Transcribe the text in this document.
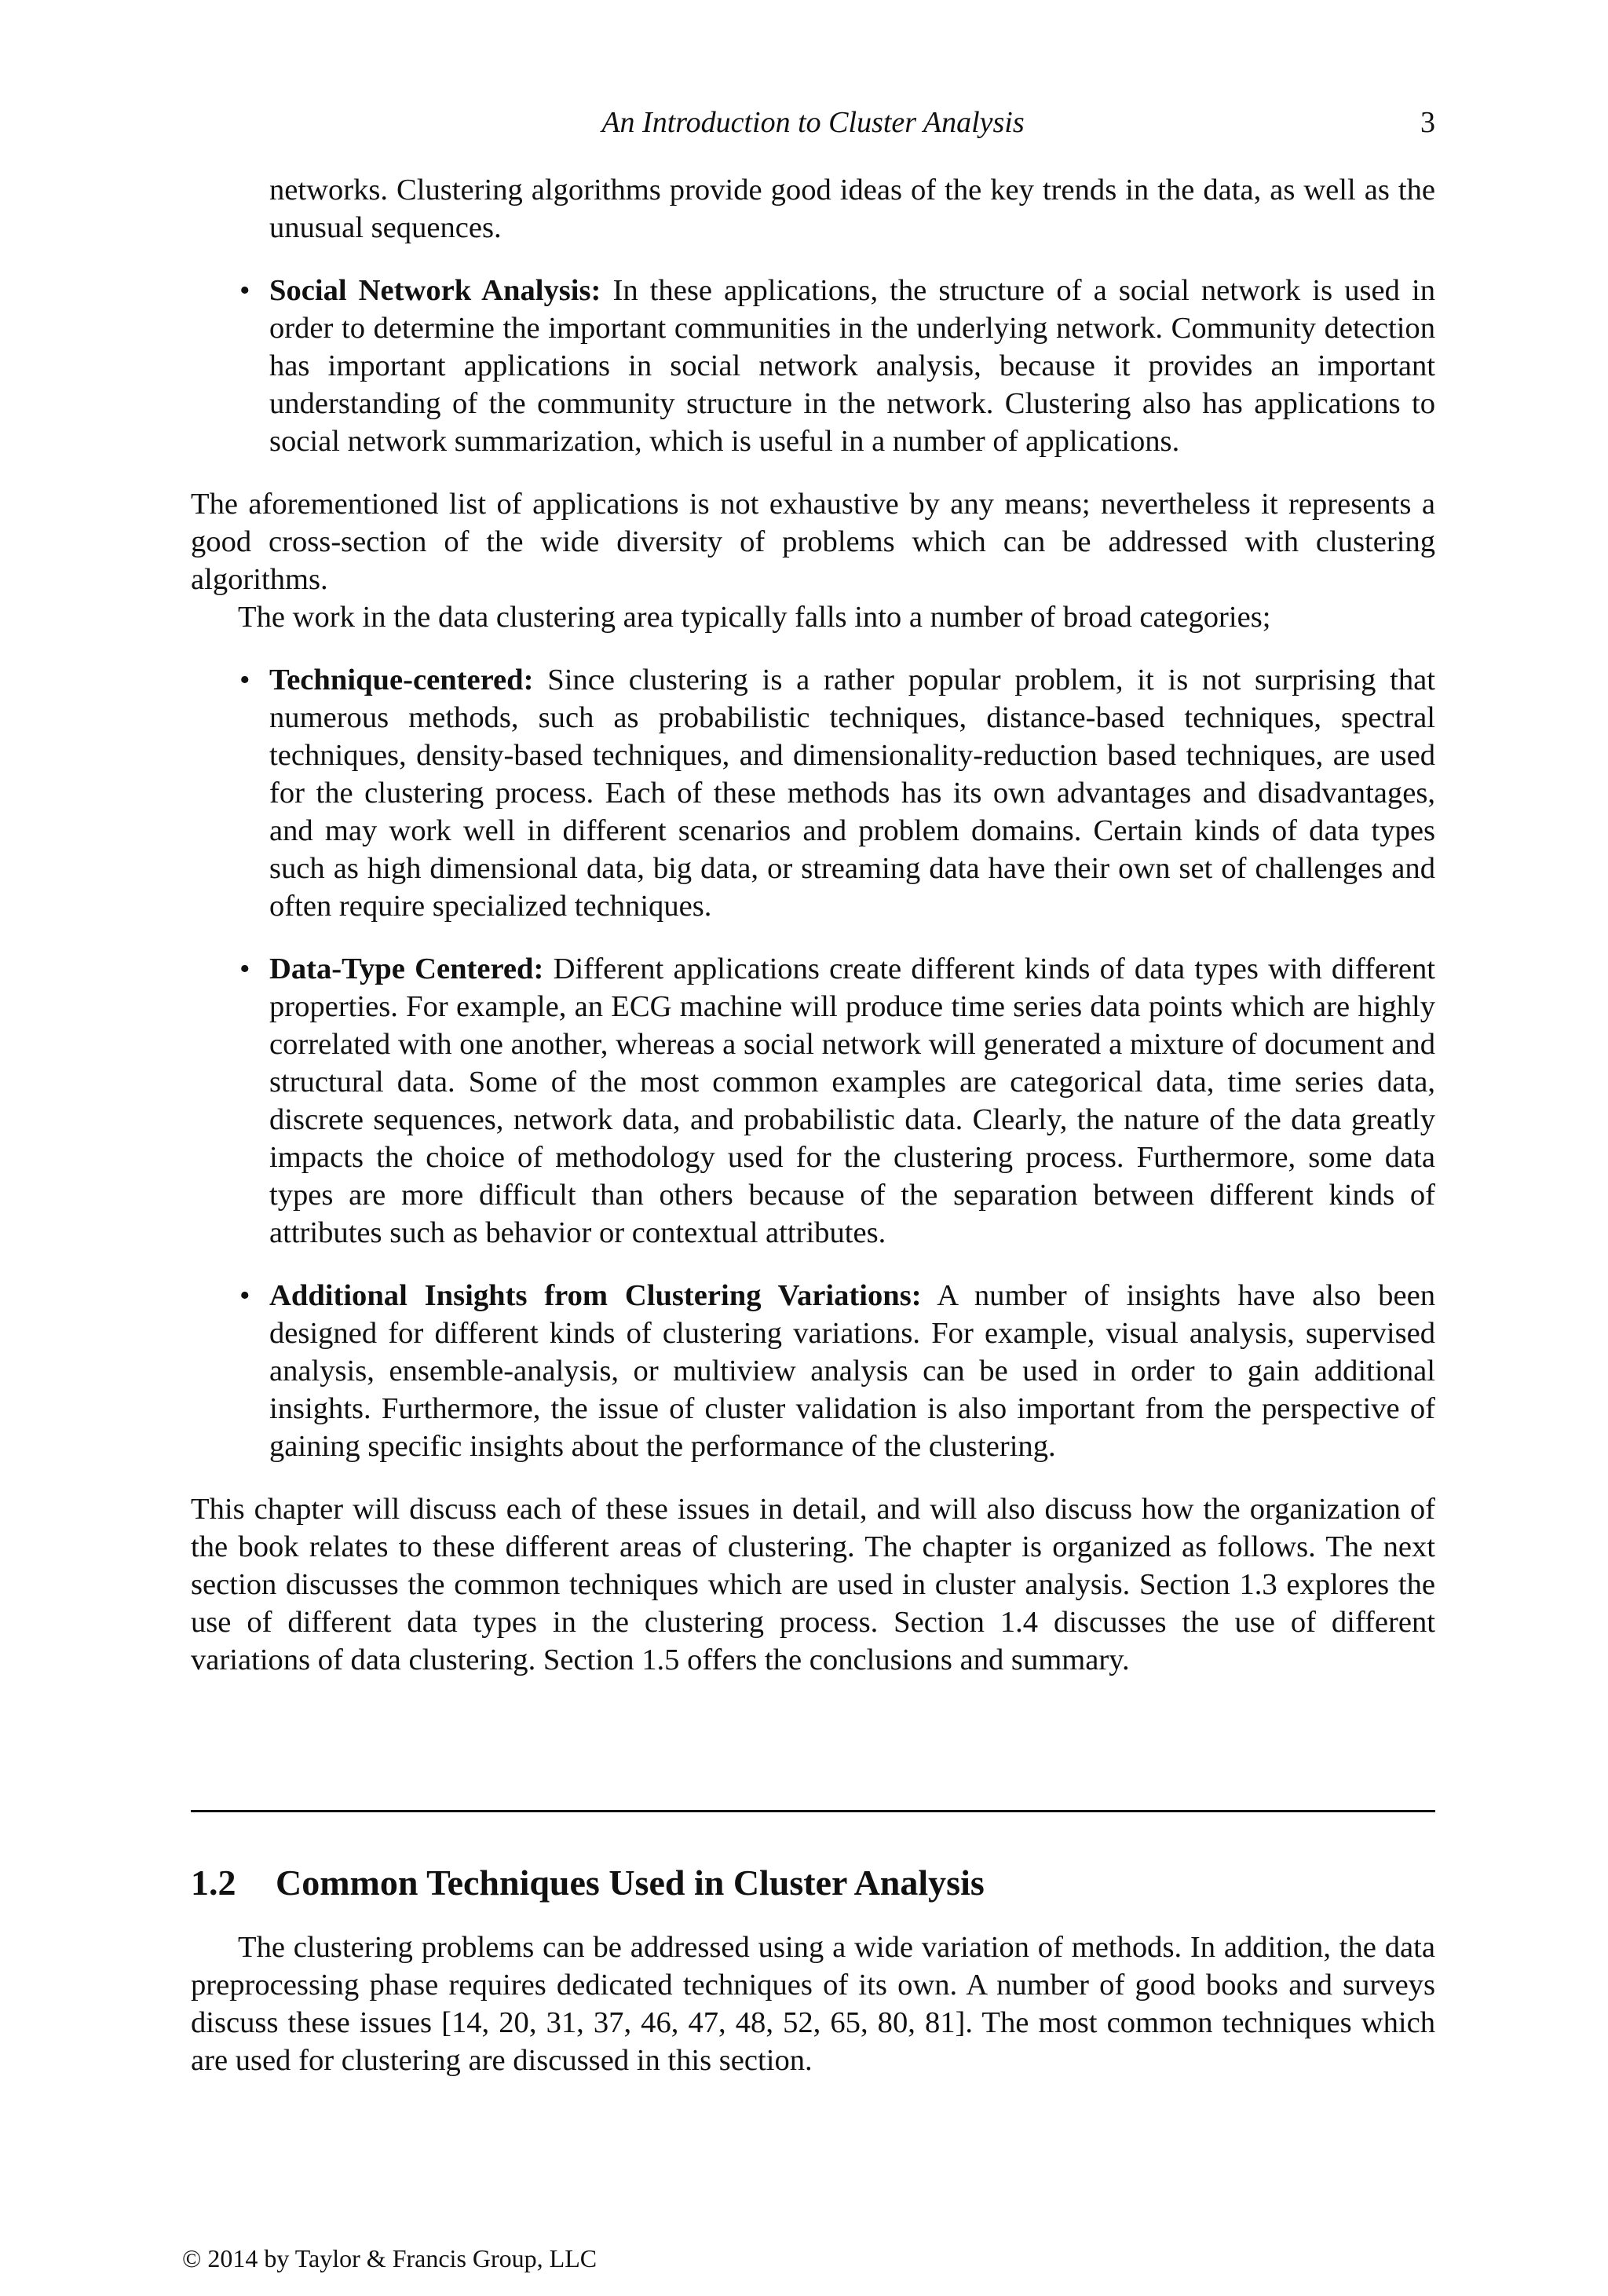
An Introduction to Cluster Analysis	3

networks. Clustering algorithms provide good ideas of the key trends in the data, as well as the unusual sequences.

• Social Network Analysis: In these applications, the structure of a social network is used in order to determine the important communities in the underlying network. Community detection has important applications in social network analysis, because it provides an important understanding of the community structure in the network. Clustering also has applications to social network summarization, which is useful in a number of applications.

The aforementioned list of applications is not exhaustive by any means; nevertheless it represents a good cross-section of the wide diversity of problems which can be addressed with clustering algorithms.

The work in the data clustering area typically falls into a number of broad categories;

• Technique-centered: Since clustering is a rather popular problem, it is not surprising that numerous methods, such as probabilistic techniques, distance-based techniques, spectral techniques, density-based techniques, and dimensionality-reduction based techniques, are used for the clustering process. Each of these methods has its own advantages and disadvantages, and may work well in different scenarios and problem domains. Certain kinds of data types such as high dimensional data, big data, or streaming data have their own set of challenges and often require specialized techniques.
• Data-Type Centered: Different applications create different kinds of data types with different properties. For example, an ECG machine will produce time series data points which are highly correlated with one another, whereas a social network will generated a mixture of document and structural data. Some of the most common examples are categorical data, time series data, discrete sequences, network data, and probabilistic data. Clearly, the nature of the data greatly impacts the choice of methodology used for the clustering process. Furthermore, some data types are more difficult than others because of the separation between different kinds of attributes such as behavior or contextual attributes.
• Additional Insights from Clustering Variations: A number of insights have also been designed for different kinds of clustering variations. For example, visual analysis, supervised analysis, ensemble-analysis, or multiview analysis can be used in order to gain additional insights. Furthermore, the issue of cluster validation is also important from the perspective of gaining specific insights about the performance of the clustering.

This chapter will discuss each of these issues in detail, and will also discuss how the organization of the book relates to these different areas of clustering. The chapter is organized as follows. The next section discusses the common techniques which are used in cluster analysis. Section 1.3 explores the use of different data types in the clustering process. Section 1.4 discusses the use of different variations of data clustering. Section 1.5 offers the conclusions and summary.

1.2 Common Techniques Used in Cluster Analysis

The clustering problems can be addressed using a wide variation of methods. In addition, the data preprocessing phase requires dedicated techniques of its own. A number of good books and surveys discuss these issues [14, 20, 31, 37, 46, 47, 48, 52, 65, 80, 81]. The most common techniques which are used for clustering are discussed in this section.

© 2014 by Taylor & Francis Group, LLC
